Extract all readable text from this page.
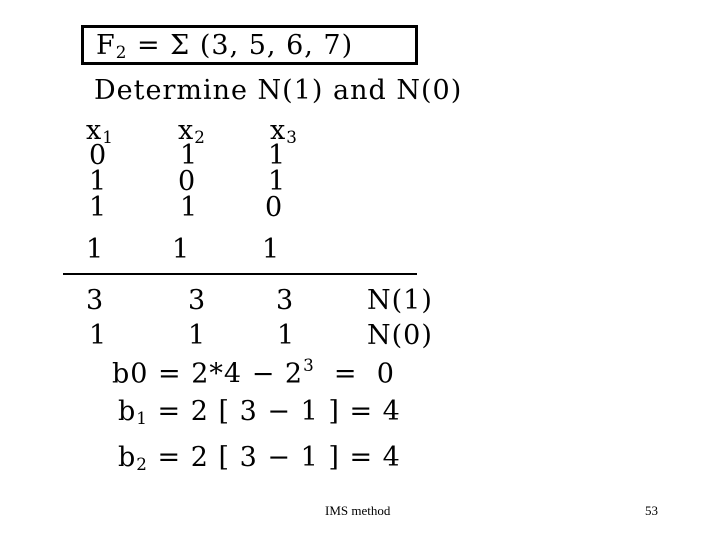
$F_2 = \Sigma$ (3, 5, 6, 7)
Determine N(1) and N(0)
$x_1$ $x_2$ $x_3$
0	1	1
1	0	1
1	1 0
1	1	1
3	3	3	N(1)
1	1	1	N(0)
$b0 = 2*4 - 2^3 = 0$
$b_1 = 2$ [ 3 − 1 ] = 4
$b_2 = 2$ [ 3 − 1 ] = 4
IMS method	53
